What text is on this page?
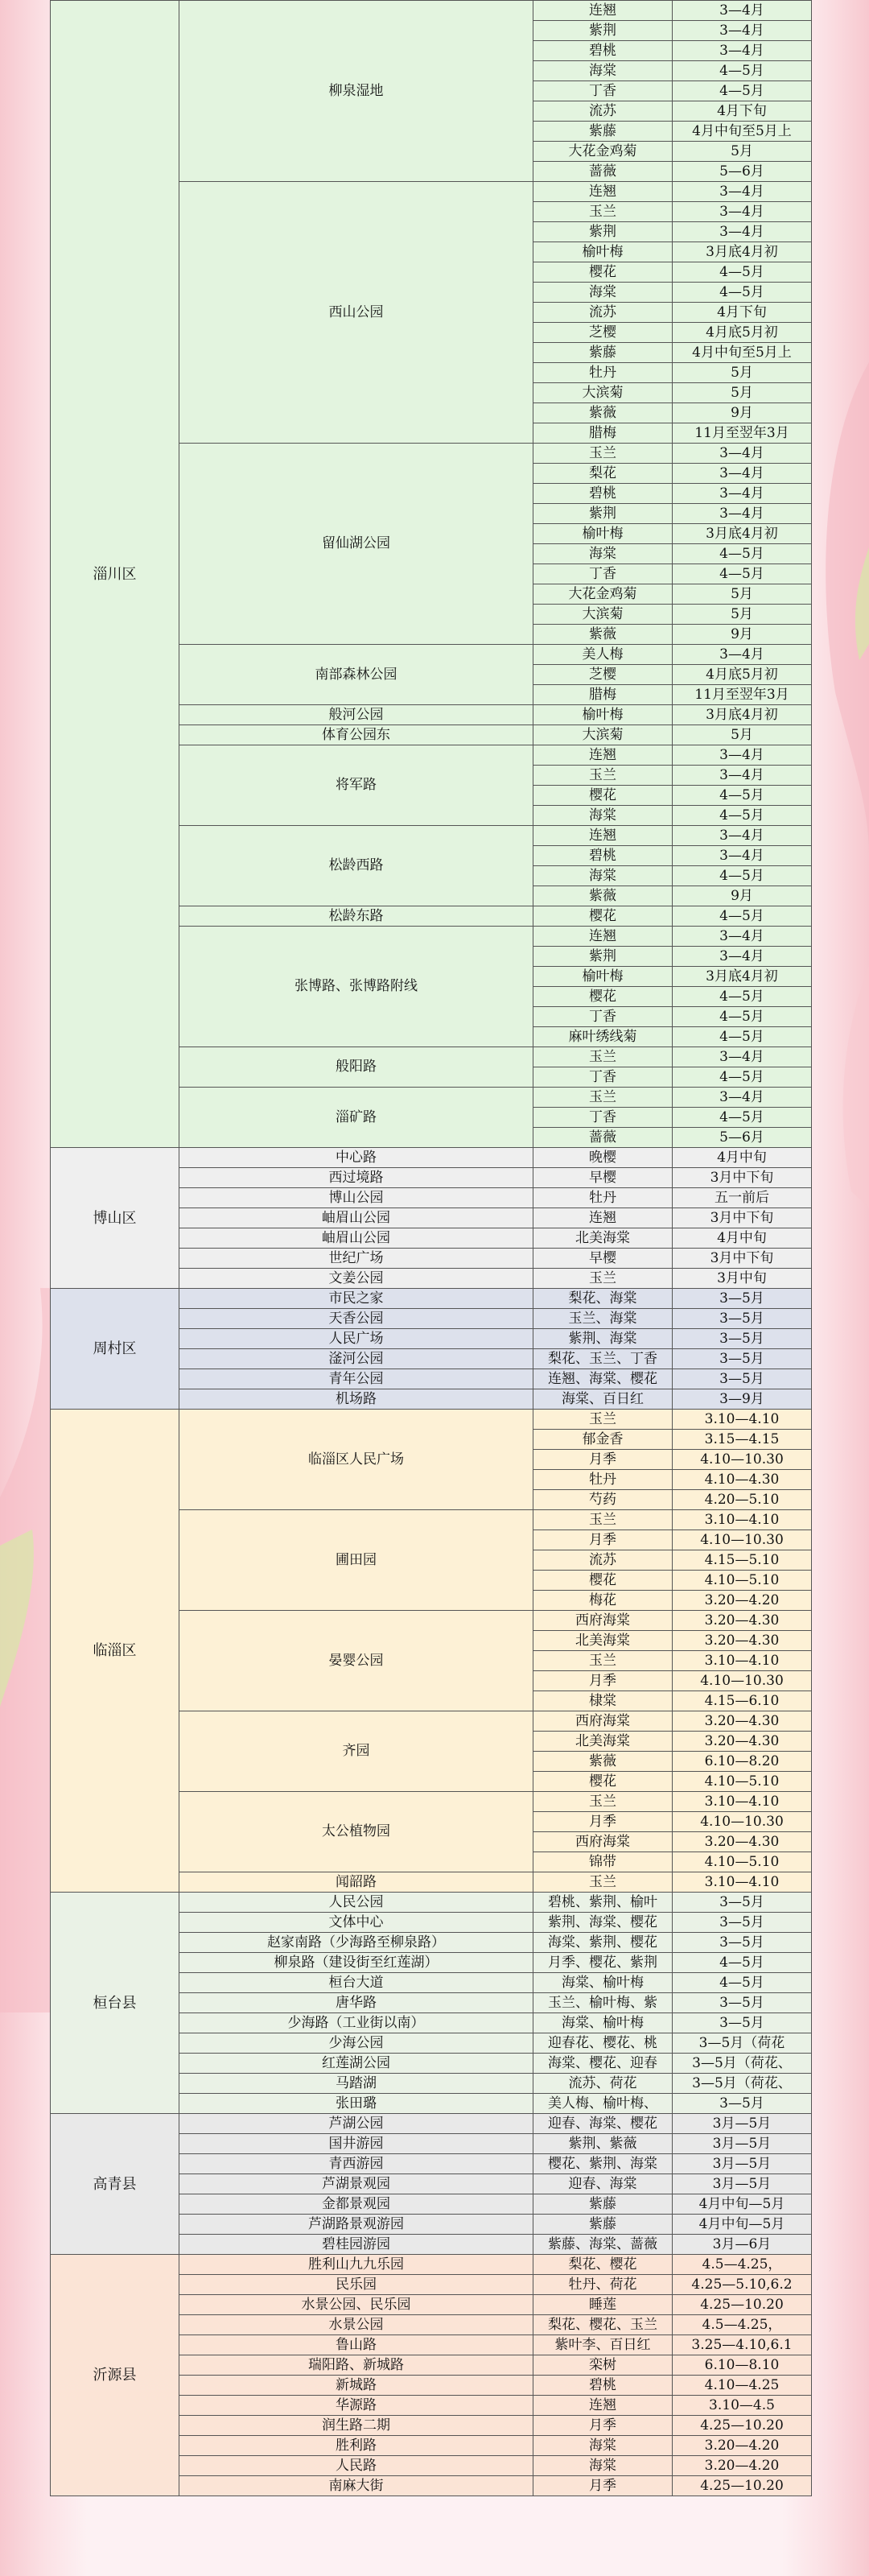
淄川区	柳泉湿地	连翘	3—4月
		紫荆	3—4月
		碧桃	3—4月
		海棠	4—5月
		丁香	4—5月
		流苏	4月下旬
		紫藤	4月中旬至5月上
		大花金鸡菊	5月
		蔷薇	5—6月
	西山公园	连翘	3—4月
		玉兰	3—4月
		紫荆	3—4月
		榆叶梅	3月底4月初
		樱花	4—5月
		海棠	4—5月
		流苏	4月下旬
		芝樱	4月底5月初
		紫藤	4月中旬至5月上
		牡丹	5月
		大滨菊	5月
		紫薇	9月
		腊梅	11月至翌年3月
	留仙湖公园	玉兰	3—4月
		梨花	3—4月
		碧桃	3—4月
		紫荆	3—4月
		榆叶梅	3月底4月初
		海棠	4—5月
		丁香	4—5月
		大花金鸡菊	5月
		大滨菊	5月
		紫薇	9月
	南部森林公园	美人梅	3—4月
		芝樱	4月底5月初
		腊梅	11月至翌年3月
	般河公园	榆叶梅	3月底4月初
	体育公园东	大滨菊	5月
	将军路	连翘	3—4月
		玉兰	3—4月
		樱花	4—5月
		海棠	4—5月
	松龄西路	连翘	3—4月
		碧桃	3—4月
		海棠	4—5月
		紫薇	9月
	松龄东路	樱花	4—5月
	张博路、张博路附线	连翘	3—4月
		紫荆	3—4月
		榆叶梅	3月底4月初
		樱花	4—5月
		丁香	4—5月
		麻叶绣线菊	4—5月
	般阳路	玉兰	3—4月
		丁香	4—5月
	淄矿路	玉兰	3—4月
		丁香	4—5月
		蔷薇	5—6月
博山区	中心路	晚樱	4月中旬
	西过境路	早樱	3月中下旬
	博山公园	牡丹	五一前后
	岫眉山公园	连翘	3月中下旬
	岫眉山公园	北美海棠	4月中旬
	世纪广场	早樱	3月中下旬
	文姜公园	玉兰	3月中旬
周村区	市民之家	梨花、海棠	3—5月
	天香公园	玉兰、海棠	3—5月
	人民广场	紫荆、海棠	3—5月
	滏河公园	梨花、玉兰、丁香	3—5月
	青年公园	连翘、海棠、樱花	3—5月
	机场路	海棠、百日红	3—9月
临淄区	临淄区人民广场	玉兰	3.10—4.10
		郁金香	3.15—4.15
		月季	4.10—10.30
		牡丹	4.10—4.30
		芍药	4.20—5.10
	圃田园	玉兰	3.10—4.10
		月季	4.10—10.30
		流苏	4.15—5.10
		樱花	4.10—5.10
		梅花	3.20—4.20
	晏婴公园	西府海棠	3.20—4.30
		北美海棠	3.20—4.30
		玉兰	3.10—4.10
		月季	4.10—10.30
		棣棠	4.15—6.10
	齐园	西府海棠	3.20—4.30
		北美海棠	3.20—4.30
		紫薇	6.10—8.20
		樱花	4.10—5.10
	太公植物园	玉兰	3.10—4.10
		月季	4.10—10.30
		西府海棠	3.20—4.30
		锦带	4.10—5.10
	闻韶路	玉兰	3.10—4.10
桓台县	人民公园	碧桃、紫荆、榆叶	3—5月
	文体中心	紫荆、海棠、樱花	3—5月
	赵家南路（少海路至柳泉路）	海棠、紫荆、樱花	3—5月
	柳泉路（建设街至红莲湖）	月季、樱花、紫荆	4—5月
	桓台大道	海棠、榆叶梅	4—5月
	唐华路	玉兰、榆叶梅、紫	3—5月
	少海路（工业街以南）	海棠、榆叶梅	3—5月
	少海公园	迎春花、樱花、桃	3—5月（荷花
	红莲湖公园	海棠、樱花、迎春	3—5月（荷花、
	马踏湖	流苏、荷花	3—5月（荷花、
	张田璐	美人梅、榆叶梅、	3—5月
高青县	芦湖公园	迎春、海棠、樱花	3月—5月
	国井游园	紫荆、紫薇	3月—5月
	青西游园	樱花、紫荆、海棠	3月—5月
	芦湖景观园	迎春、海棠	3月—5月
	金都景观园	紫藤	4月中旬—5月
	芦湖路景观游园	紫藤	4月中旬—5月
	碧桂园游园	紫藤、海棠、蔷薇	3月—6月
沂源县	胜利山九九乐园	梨花、樱花	4.5—4.25，
	民乐园	牡丹、荷花	4.25—5.10,6.2
	水景公园、民乐园	睡莲	4.25—10.20
	水景公园	梨花、樱花、玉兰	4.5—4.25，
	鲁山路	紫叶李、百日红	3.25—4.10,6.1
	瑞阳路、新城路	栾树	6.10—8.10
	新城路	碧桃	4.10—4.25
	华源路	连翘	3.10—4.5
	润生路二期	月季	4.25—10.20
	胜利路	海棠	3.20—4.20
	人民路	海棠	3.20—4.20
	南麻大街	月季	4.25—10.20
